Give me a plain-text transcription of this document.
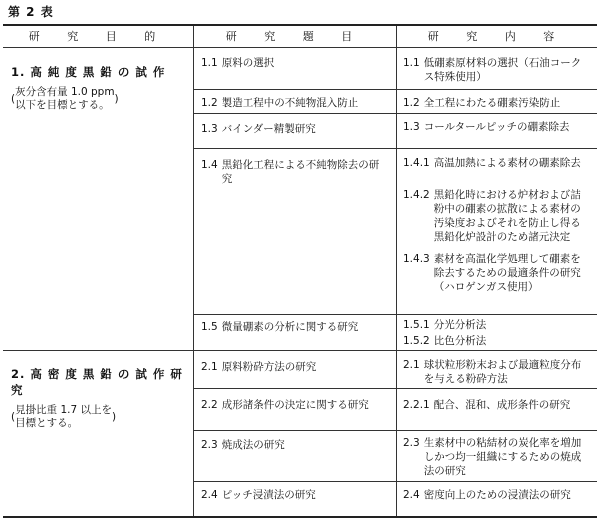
第 2 表
研 究 目 的	研 究 題 目	研 究 内 容
1. 高 純 度 黒 鉛 の 試 作
(
灰分含有量 1.0 ppm
以下を目標とする。
)
2. 高 密 度 黒 鉛 の 試 作 研 究
(
見掛比重 1.7 以上を
目標とする。
)
1.1 原料の選択
1.2 製造工程中の不純物混入防止
1.3 バインダー精製研究
1.4 黒鉛化工程による不純物除去の研究
1.5 微量硼素の分析に関する研究
2.1 原料粉砕方法の研究
2.2 成形諸条件の決定に関する研究
2.3 焼成法の研究
2.4 ピッチ浸漬法の研究
1.1 低硼素原材料の選択（石油コークス特殊使用）
1.2 全工程にわたる硼素汚染防止
1.3 コールタールピッチの硼素除去
1.4.1 高温加熱による素材の硼素除去
1.4.2 黒鉛化時における炉材および詰粉中の硼素の拡散による素材の汚染度およびそれを防止し得る黒鉛化炉設計のため諸元決定
1.4.3 素材を高温化学処理して硼素を除去するための最適条件の研究（ハロゲンガス使用）
1.5.1 分光分析法
1.5.2 比色分析法
2.1 球状粒形粉末および最適粒度分布を与える粉砕方法
2.2.1 配合、混和、成形条件の研究
2.3 生素材中の粘結材の炭化率を増加しかつ均一組織にするための焼成法の研究
2.4 密度向上のための浸漬法の研究
